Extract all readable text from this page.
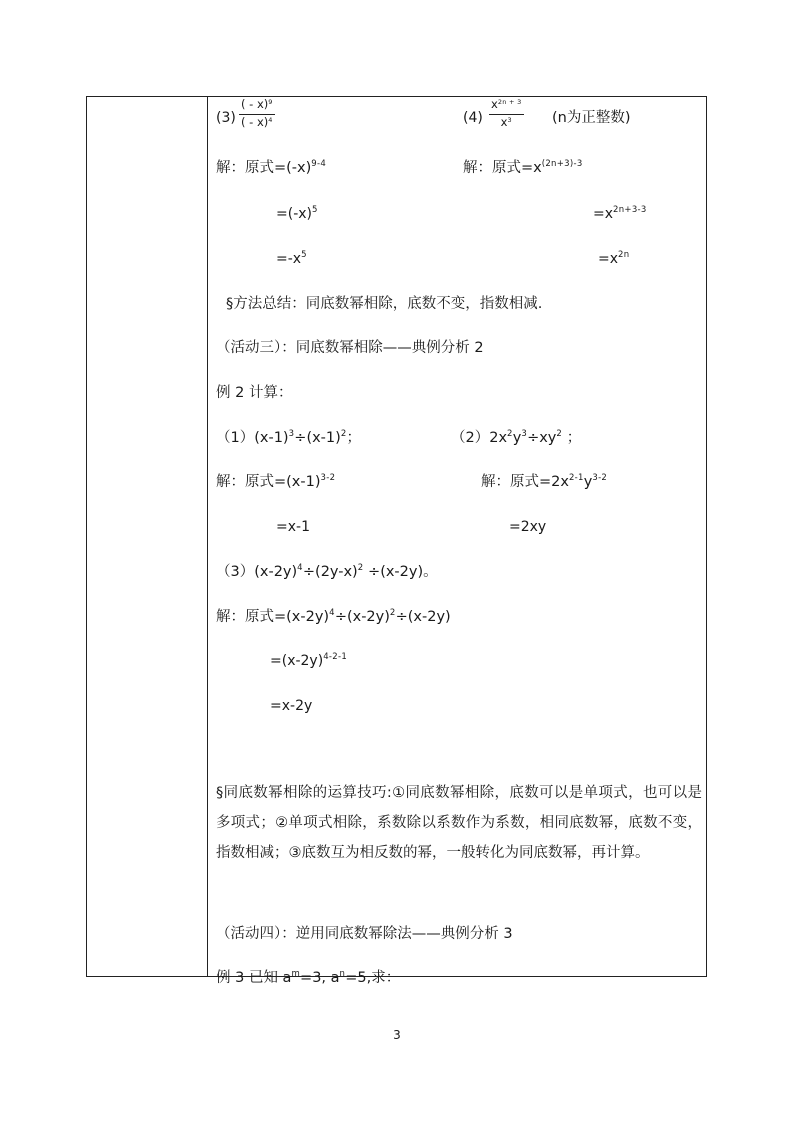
(3)
( - x)$^9$
( - x)$^4$	(4)
$x^{2n + 3}$
$x^3$	(n为正整数)
解：原式$=(-x)^{9-4}$
$=(-x)^5$
$=-x^5$
解：原式$=x^{(2n+3)-3}$
$=x^{2n+3-3}$
$=x^{2n}$
§方法总结：同底数幂相除，底数不变，指数相减.
（活动三）：同底数幂相除——典例分析 2
例 2 计算：
$(1)(x-1)^3\div(x-1)^2$；	$(2)2x^2y^3\div xy^2$ ；
解：原式$=(x-1)^{3-2}$
=x-1
解：原式$=2x^{2-1}y^{3-2}$
=2xy
$(3)(x-2y)^4\div(2y-x)^2 \div(x-2y)$。
解：原式$=(x-2y)^4\div(x-2y)^2\div(x-2y)$
$=(x-2y)^{4-2-1}$
=x-2y
§同底数幂相除的运算技巧:①同底数幂相除，底数可以是单项式，也可以是多项式；②单项式相除，系数除以系数作为系数，相同底数幂，底数不变，指数相减；③底数互为相反数的幂，一般转化为同底数幂，再计算。
（活动四）：逆用同底数幂除法——典例分析 3
例 3 已知 $a^m=3$, $a^n=5$,求：
3
